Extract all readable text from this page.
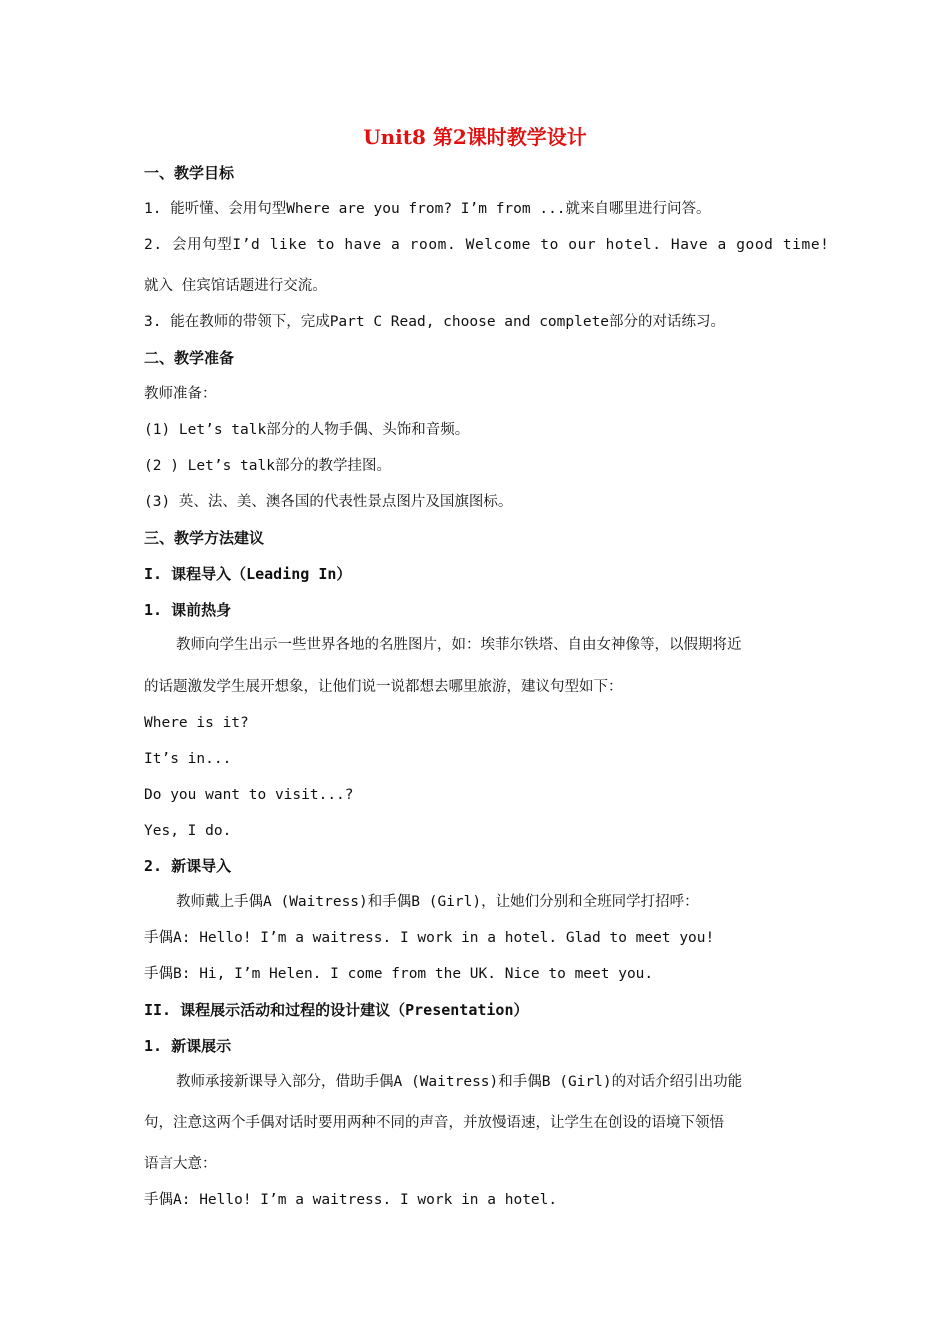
Unit8 第2课时教学设计
一、教学目标
1. 能听懂、会用句型Where are you from? I’m from ...就来自哪里进行问答。
2. 会用句型I’d like to have a room. Welcome to our hotel. Have a good time!
就入 住宾馆话题进行交流。
3. 能在教师的带领下，完成Part C Read, choose and complete部分的对话练习。
二、教学准备
教师准备：
(1) Let’s talk部分的人物手偶、头饰和音频。
(2 ) Let’s talk部分的教学挂图。
(3) 英、法、美、澳各国的代表性景点图片及国旗图标。
三、教学方法建议
I. 课程导入（Leading In）
1. 课前热身
教师向学生出示一些世界各地的名胜图片，如：埃菲尔铁塔、自由女神像等，以假期将近
的话题激发学生展开想象，让他们说一说都想去哪里旅游，建议句型如下：
Where is it?
It’s in...
Do you want to visit...?
Yes, I do.
2. 新课导入
教师戴上手偶A (Waitress)和手偶B (Girl)，让她们分别和全班同学打招呼：
手偶A: Hello! I’m a waitress. I work in a hotel. Glad to meet you!
手偶B: Hi, I’m Helen. I come from the UK. Nice to meet you.
II. 课程展示活动和过程的设计建议（Presentation）
1. 新课展示
教师承接新课导入部分，借助手偶A (Waitress)和手偶B (Girl)的对话介绍引出功能
句，注意这两个手偶对话时要用两种不同的声音，并放慢语速，让学生在创设的语境下领悟
语言大意：
手偶A: Hello! I’m a waitress. I work in a hotel.
